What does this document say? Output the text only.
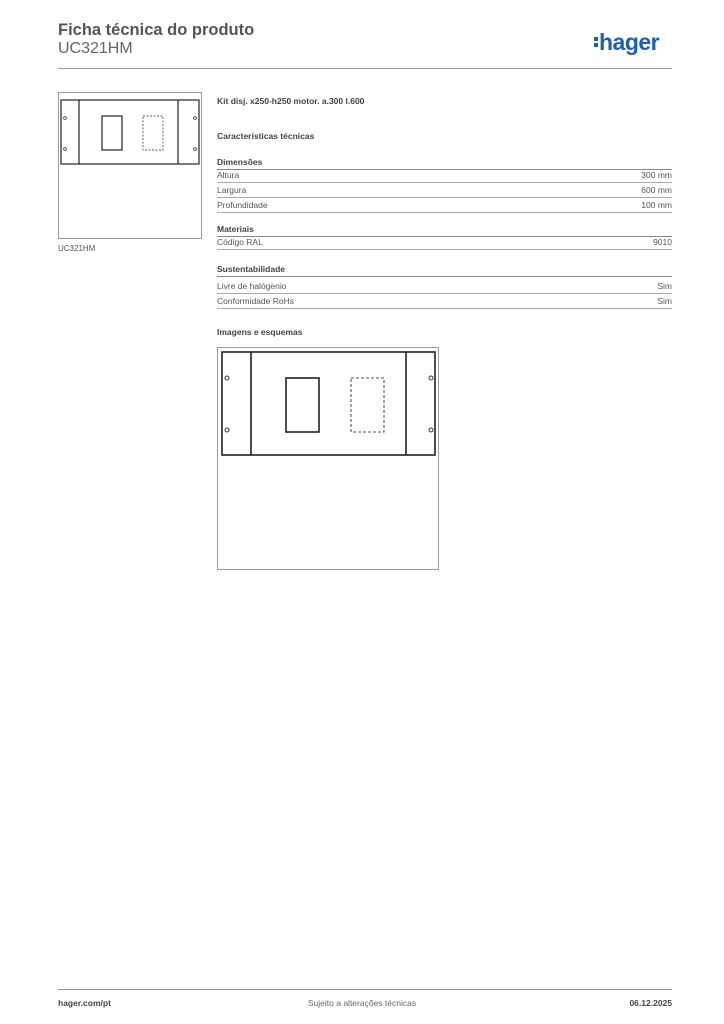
Ficha técnica do produto
UC321HM	hager
UC321HM
Kit disj. x250-h250 motor. a.300 l.600
Características técnicas
Dimensões
Altura	300 mm
Largura	600 mm
Profundidade	100 mm
Materiais
Código RAL	9010
Sustentabilidade
Livre de halógenio	Sim
Conformidade RoHs	Sim
Imagens e esquemas
hager.com/pt	Sujeito a alterações técnicas	06.12.2025
